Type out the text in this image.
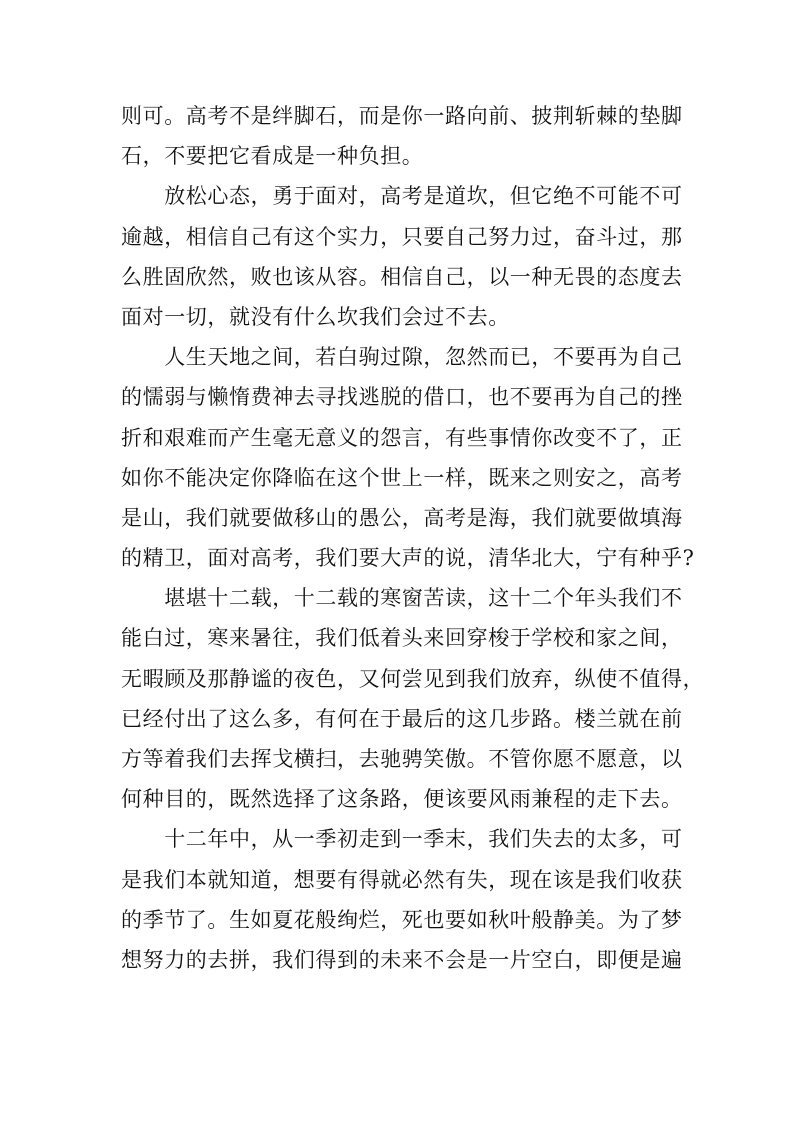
则可。高考不是绊脚石，而是你一路向前、披荆斩棘的垫脚
石，不要把它看成是一种负担。
　　放松心态，勇于面对，高考是道坎，但它绝不可能不可
逾越，相信自己有这个实力，只要自己努力过，奋斗过，那
么胜固欣然，败也该从容。相信自己，以一种无畏的态度去
面对一切，就没有什么坎我们会过不去。
　　人生天地之间，若白驹过隙，忽然而已，不要再为自己
的懦弱与懒惰费神去寻找逃脱的借口，也不要再为自己的挫
折和艰难而产生毫无意义的怨言，有些事情你改变不了，正
如你不能决定你降临在这个世上一样，既来之则安之，高考
是山，我们就要做移山的愚公，高考是海，我们就要做填海
的精卫，面对高考，我们要大声的说，清华北大，宁有种乎?
　　堪堪十二载，十二载的寒窗苦读，这十二个年头我们不
能白过，寒来暑往，我们低着头来回穿梭于学校和家之间，
无暇顾及那静谧的夜色，又何尝见到我们放弃，纵使不值得，
已经付出了这么多，有何在于最后的这几步路。楼兰就在前
方等着我们去挥戈横扫，去驰骋笑傲。不管你愿不愿意，以
何种目的，既然选择了这条路，便该要风雨兼程的走下去。
　　十二年中，从一季初走到一季末，我们失去的太多，可
是我们本就知道，想要有得就必然有失，现在该是我们收获
的季节了。生如夏花般绚烂，死也要如秋叶般静美。为了梦
想努力的去拼，我们得到的未来不会是一片空白，即便是遍
